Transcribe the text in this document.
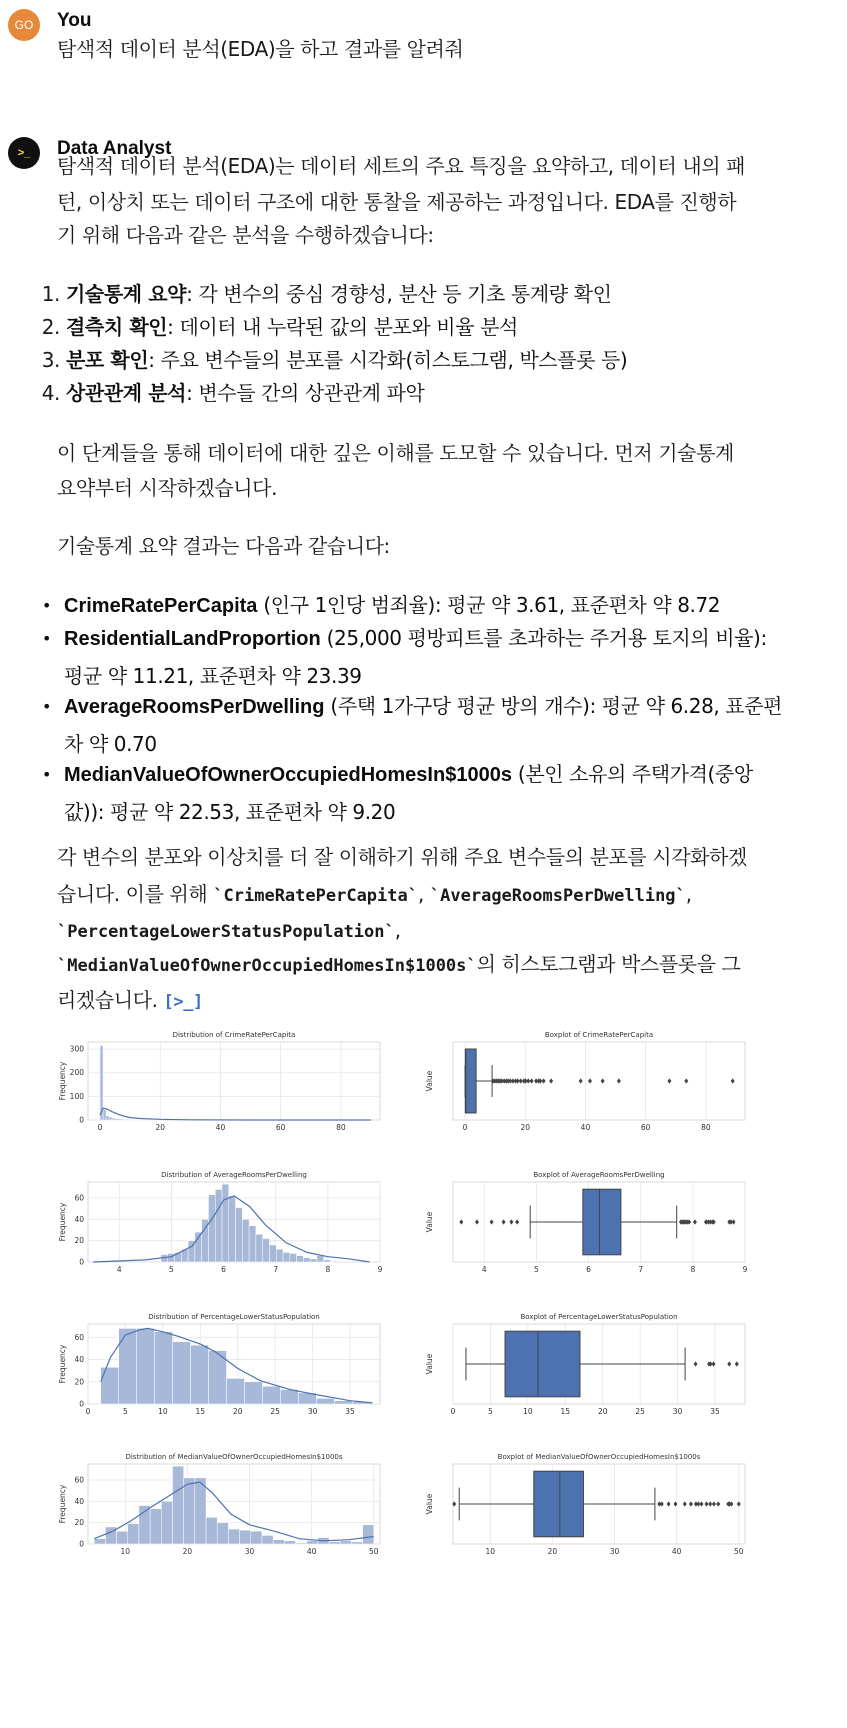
GO	You
탐색적 데이터 분석(EDA)을 하고 결과를 알려줘
>_ Data Analyst
탐색적 데이터 분석(EDA)는 데이터 세트의 주요 특징을 요약하고, 데이터 내의 패
턴, 이상치 또는 데이터 구조에 대한 통찰을 제공하는 과정입니다. EDA를 진행하
기 위해 다음과 같은 분석을 수행하겠습니다:
1. 기술통계 요약: 각 변수의 중심 경향성, 분산 등 기초 통계량 확인
2. 결측치 확인: 데이터 내 누락된 값의 분포와 비율 분석
3. 분포 확인: 주요 변수들의 분포를 시각화(히스토그램, 박스플롯 등)
4. 상관관계 분석: 변수들 간의 상관관계 파악
이 단계들을 통해 데이터에 대한 깊은 이해를 도모할 수 있습니다. 먼저 기술통계
요약부터 시작하겠습니다.
기술통계 요약 결과는 다음과 같습니다:
• CrimeRatePerCapita (인구 1인당 범죄율): 평균 약 3.61, 표준편차 약 8.72
• ResidentialLandProportion (25,000 평방피트를 초과하는 주거용 토지의 비율):
평균 약 11.21, 표준편차 약 23.39
• AverageRoomsPerDwelling (주택 1가구당 평균 방의 개수): 평균 약 6.28, 표준편
차 약 0.70
• MedianValueOfOwnerOccupiedHomesIn$1000s (본인 소유의 주택가격(중앙
값)): 평균 약 22.53, 표준편차 약 9.20
각 변수의 분포와 이상치를 더 잘 이해하기 위해 주요 변수들의 분포를 시각화하겠
습니다. 이를 위해 `CrimeRatePerCapita`, `AverageRoomsPerDwelling`,
`PercentageLowerStatusPopulation`,
`MedianValueOfOwnerOccupiedHomesIn$1000s`의 히스토그램과 박스플롯을 그
리겠습니다. [>_]
Distribution of CrimeRatePerCapita
0	20	40	60	80
0
100
200
300
Frequency
Boxplot of CrimeRatePerCapita
0	20	40	60	80
Value
Distribution of AverageRoomsPerDwelling
4	5	6	7	8	9
0
20
40
60
Frequency
Boxplot of AverageRoomsPerDwelling
4	5	6	7	8	9
Value
Distribution of PercentageLowerStatusPopulation
0	5	10	15	20	25	30	35
0
20
40
60
Frequency
Boxplot of PercentageLowerStatusPopulation
0	5	10	15	20	25	30	35
Value
Distribution of MedianValueOfOwnerOccupiedHomesIn$1000s
10	20	30	40	50
0
20
40
60
Frequency
Boxplot of MedianValueOfOwnerOccupiedHomesIn$1000s
10	20	30	40	50
Value
